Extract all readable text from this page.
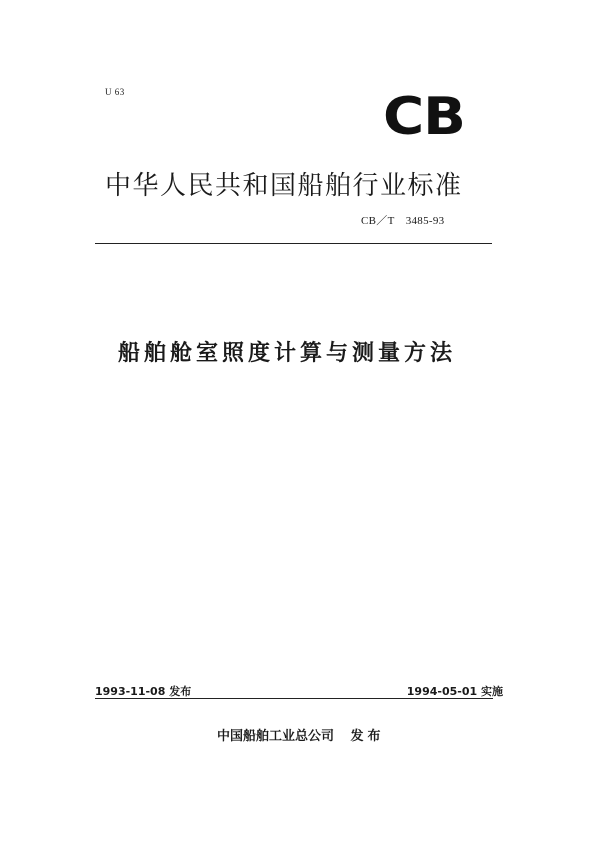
U 63	CB
中华人民共和国船舶行业标准
CB／T　3485-93
船舶舱室照度计算与测量方法
1993-11-08 发布	1994-05-01 实施
中国船舶工业总公司 发布
